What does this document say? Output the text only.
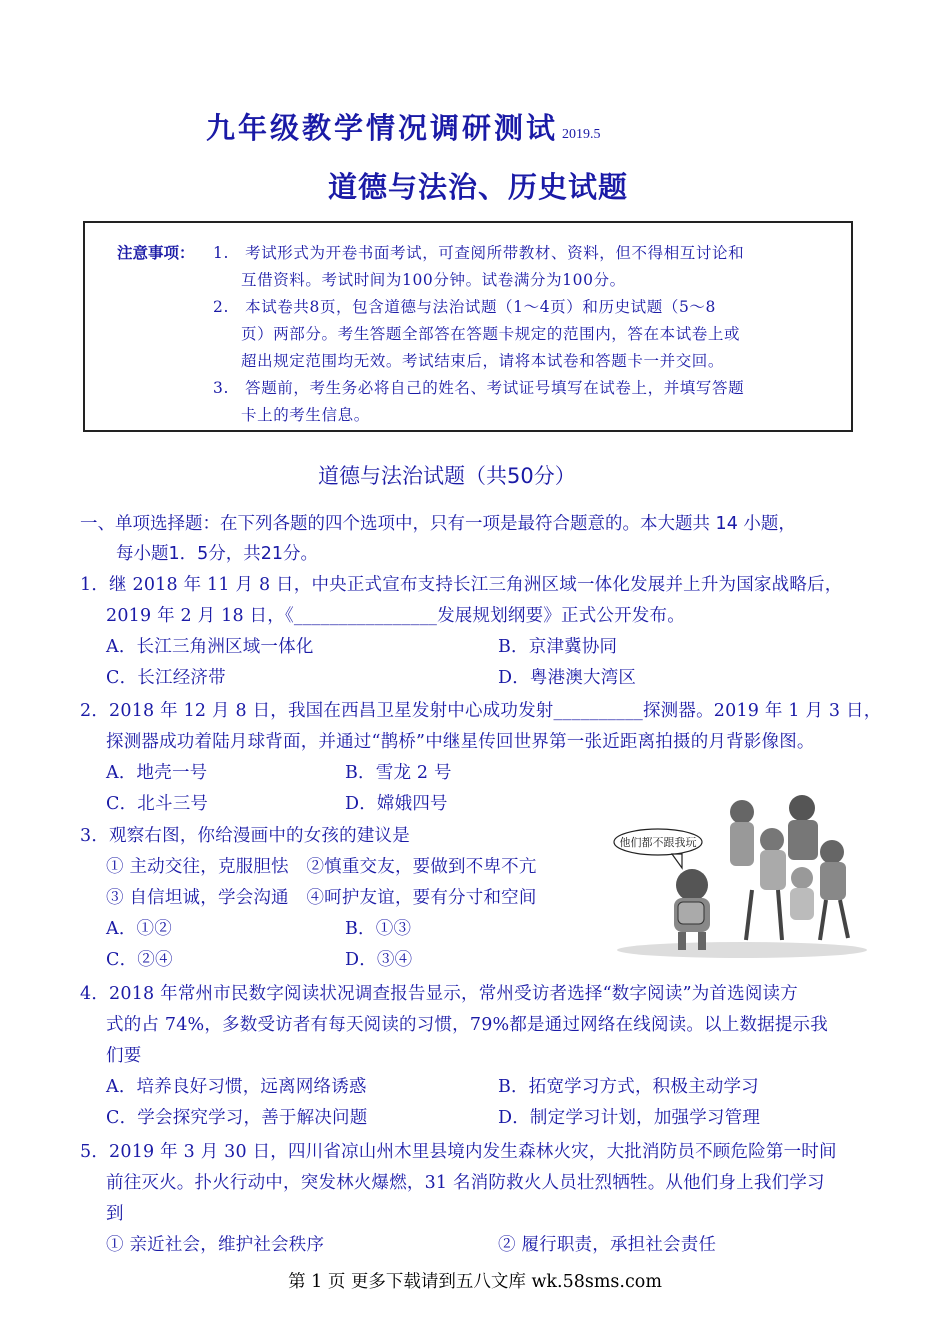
九年级教学情况调研测试 2019.5
道德与法治、历史试题
注意事项： 1.　考试形式为开卷书面考试，可查阅所带教材、资料，但不得相互讨论和
互借资料。考试时间为100分钟。试卷满分为100分。
2.　本试卷共8页，包含道德与法治试题（1～4页）和历史试题（5～8
页）两部分。考生答题全部答在答题卡规定的范围内，答在本试卷上或
超出规定范围均无效。考试结束后，请将本试卷和答题卡一并交回。
3.　答题前，考生务必将自己的姓名、考试证号填写在试卷上，并填写答题
卡上的考生信息。
道德与法治试题（共50分）
一、单项选择题：在下列各题的四个选项中，只有一项是最符合题意的。本大题共 14 小题，
每小题1．5分，共21分。
1．继 2018 年 11 月 8 日，中央正式宣布支持长江三角洲区域一体化发展并上升为国家战略后，
2019 年 2 月 18 日，《________________发展规划纲要》正式公开发布。
A．长江三角洲区域一体化	B．京津冀协同
C．长江经济带	D．粤港澳大湾区
2．2018 年 12 月 8 日，我国在西昌卫星发射中心成功发射__________探测器。2019 年 1 月 3 日，
探测器成功着陆月球背面，并通过“鹊桥”中继星传回世界第一张近距离拍摄的月背影像图。
A．地壳一号	B．雪龙 2 号
C．北斗三号	D．嫦娥四号
3．观察右图，你给漫画中的女孩的建议是
① 主动交往，克服胆怯　②慎重交友，要做到不卑不亢
③ 自信坦诚，学会沟通　④呵护友谊，要有分寸和空间
A．①②	B．①③
C．②④	D．③④
他们都不跟我玩
4．2018 年常州市民数字阅读状况调查报告显示，常州受访者选择“数字阅读”为首选阅读方
式的占 74%，多数受访者有每天阅读的习惯，79%都是通过网络在线阅读。以上数据提示我
们要
A．培养良好习惯，远离网络诱惑	B．拓宽学习方式，积极主动学习
C．学会探究学习，善于解决问题	D．制定学习计划，加强学习管理
5．2019 年 3 月 30 日，四川省凉山州木里县境内发生森林火灾，大批消防员不顾危险第一时间
前往灭火。扑火行动中，突发林火爆燃，31 名消防救火人员壮烈牺牲。从他们身上我们学习
到
① 亲近社会，维护社会秩序	② 履行职责，承担社会责任
第 1 页 更多下载请到五八文库 wk.58sms.com
